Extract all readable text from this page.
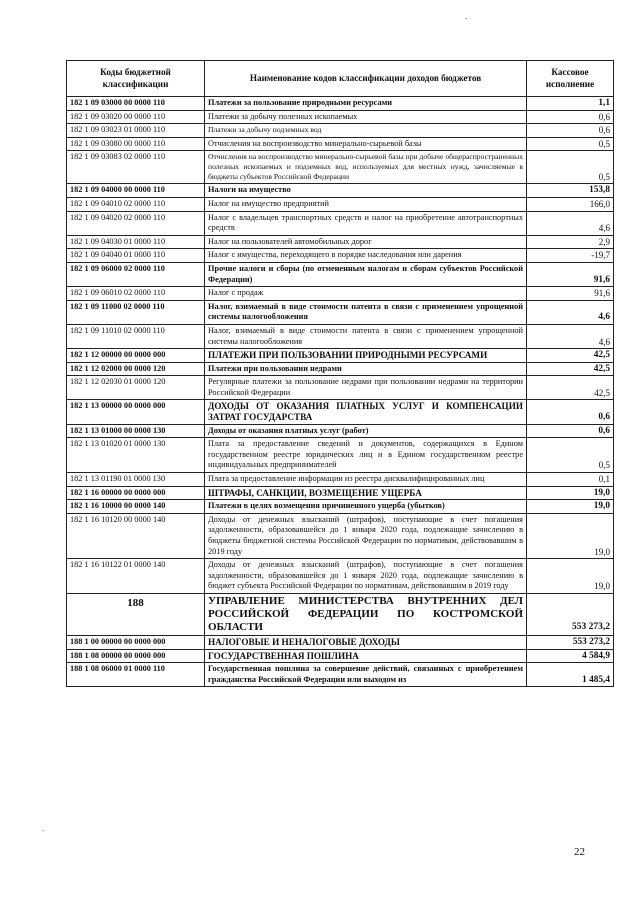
Коды бюджетной классификации	Наименование кодов классификации доходов бюджетов	Кассовое исполнение
182 1 09 03000 00 0000 110	Платежи за пользование природными ресурсами	1,1
182 1 09 03020 00 0000 110	Платежи за добычу полезных ископаемых	0,6
182 1 09 03023 01 0000 110	Платежи за добычу подземных вод	0,6
182 1 09 03080 00 0000 110	Отчисления на воспроизводство минерально-сырьевой базы	0,5
182 1 09 03083 02 0000 110	Отчисления на воспроизводство минерально-сырьевой базы при добыче общераспространенных полезных ископаемых и подземных вод, используемых для местных нужд, зачисляемые в бюджеты субъектов Российской Федерации	0,5
182 1 09 04000 00 0000 110	Налоги на имущество	153,8
182 1 09 04010 02 0000 110	Налог на имущество предприятий	166,0
182 1 09 04020 02 0000 110	Налог с владельцев транспортных средств и налог на приобретение автотранспортных средств	4,6
182 1 09 04030 01 0000 110	Налог на пользователей автомобильных дорог	2,9
182 1 09 04040 01 0000 110	Налог с имущества, переходящего в порядке наследования или дарения	-19,7
182 1 09 06000 02 0000 110	Прочие налоги и сборы (по отмененным налогам и сборам субъектов Российской Федерации)	91,6
182 1 09 06010 02 0000 110	Налог с продаж	91,6
182 1 09 11000 02 0000 110	Налог, взимаемый в виде стоимости патента в связи с применением упрощенной системы налогообложения	4,6
182 1 09 11010 02 0000 110	Налог, взимаемый в виде стоимости патента в связи с применением упрощенной системы налогообложения	4,6
182 1 12 00000 00 0000 000	ПЛАТЕЖИ ПРИ ПОЛЬЗОВАНИИ ПРИРОДНЫМИ РЕСУРСАМИ	42,5
182 1 12 02000 00 0000 120	Платежи при пользовании недрами	42,5
182 1 12 02030 01 0000 120	Регулярные платежи за пользование недрами при пользовании недрами на территории Российской Федерации	42,5
182 1 13 00000 00 0000 000	ДОХОДЫ ОТ ОКАЗАНИЯ ПЛАТНЫХ УСЛУГ И КОМПЕНСАЦИИ ЗАТРАТ ГОСУДАРСТВА	0,6
182 1 13 01000 00 0000 130	Доходы от оказания платных услуг (работ)	0,6
182 1 13 01020 01 0000 130	Плата за предоставление сведений и документов, содержащихся в Едином государственном реестре юридических лиц и в Едином государственном реестре индивидуальных предпринимателей	0,5
182 1 13 01190 01 0000 130	Плата за предоставление информации из реестра дисквалифицированных лиц	0,1
182 1 16 00000 00 0000 000	ШТРАФЫ, САНКЦИИ, ВОЗМЕЩЕНИЕ УЩЕРБА	19,0
182 1 16 10000 00 0000 140	Платежи в целях возмещения причиненного ущерба (убытков)	19,0
182 1 16 10120 00 0000 140	Доходы от денежных взысканий (штрафов), поступающие в счет погашения задолженности, образовавшейся до 1 января 2020 года, подлежащие зачислению в бюджеты бюджетной системы Российской Федерации по нормативам, действовавшим в 2019 году	19,0
182 1 16 10122 01 0000 140	Доходы от денежных взысканий (штрафов), поступающие в счет погашения задолженности, образовавшейся до 1 января 2020 года, подлежащие зачислению в бюджет субъекта Российской Федерации по нормативам, действовавшим в 2019 году	19,0
188	УПРАВЛЕНИЕ МИНИСТЕРСТВА ВНУТРЕННИХ ДЕЛ РОССИЙСКОЙ ФЕДЕРАЦИИ ПО КОСТРОМСКОЙ ОБЛАСТИ	553 273,2
188 1 00 00000 00 0000 000	НАЛОГОВЫЕ И НЕНАЛОГОВЫЕ ДОХОДЫ	553 273,2
188 1 08 00000 00 0000 000	ГОСУДАРСТВЕННАЯ ПОШЛИНА	4 584,9
188 1 08 06000 01 0000 110	Государственная пошлина за совершение действий, связанных с приобретением гражданства Российской Федерации или выходом из	1 485,4
22
